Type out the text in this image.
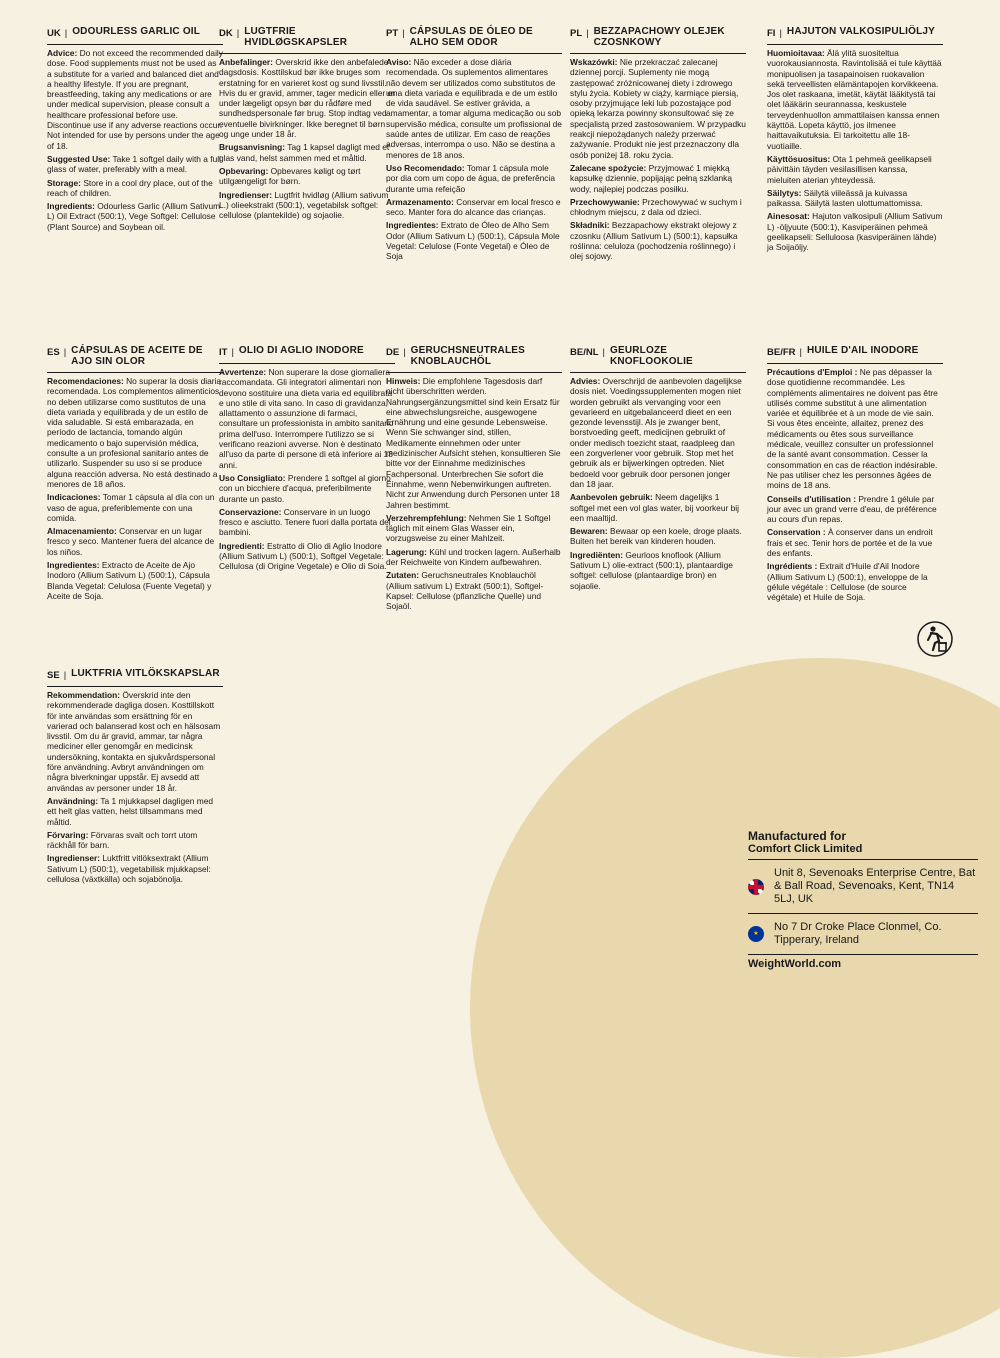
UK |	ODOURLESS GARLIC OIL
Advice: Do not exceed the recommended daily dose. Food supplements must not be used as a substitute for a varied and balanced diet and a healthy lifestyle. If you are pregnant, breastfeeding, taking any medications or are under medical supervision, please consult a healthcare professional before use. Discontinue use if any adverse reactions occur. Not intended for use by persons under the age of 18.
Suggested Use: Take 1 softgel daily with a full glass of water, preferably with a meal.
Storage: Store in a cool dry place, out of the reach of children.
Ingredients: Odourless Garlic (Allium Sativum L) Oil Extract (500:1), Vege Softgel: Cellulose (Plant Source) and Soybean oil.
DK |	LUGTFRIE HVIDLØGSKAPSLER
Anbefalinger: Overskrid ikke den anbefalede dagsdosis. Kosttilskud bør ikke bruges som erstatning for en varieret kost og sund livsstil. Hvis du er gravid, ammer, tager medicin eller er under lægeligt opsyn bør du rådføre med sundhedspersonale før brug. Stop indtag ved eventuelle bivirkninger. Ikke beregnet til børn og unge under 18 år.
Brugsanvisning: Tag 1 kapsel dagligt med et glas vand, helst sammen med et måltid.
Opbevaring: Opbevares køligt og tørt utilgængeligt for børn.
Ingredienser: Lugtfrit hvidløg (Allium sativum L.) olieekstrakt (500:1), vegetabilsk softgel: cellulose (plantekilde) og sojaolie.
PT |	CÁPSULAS DE ÓLEO DE ALHO SEM ODOR
Aviso: Não exceder a dose diária recomendada. Os suplementos alimentares não devem ser utilizados como substitutos de uma dieta variada e equilibrada e de um estilo de vida saudável. Se estiver grávida, a amamentar, a tomar alguma medicação ou sob supervisão médica, consulte um profissional de saúde antes de utilizar. Em caso de reações adversas, interrompa o uso. Não se destina a menores de 18 anos.
Uso Recomendado: Tomar 1 cápsula mole por dia com um copo de água, de preferência durante uma refeição
Armazenamento: Conservar em local fresco e seco. Manter fora do alcance das crianças.
Ingredientes: Extrato de Óleo de Alho Sem Odor (Allium Sativum L) (500:1), Cápsula Mole Vegetal: Celulose (Fonte Vegetal) e Óleo de Soja
PL |	BEZZAPACHOWY OLEJEK CZOSNKOWY
Wskazówki: Nie przekraczać zalecanej dziennej porcji. Suplementy nie mogą zastępować zróżnicowanej diety i zdrowego stylu życia. Kobiety w ciąży, karmiące piersią, osoby przyjmujące leki lub pozostające pod opieką lekarza powinny skonsultować się ze specjalistą przed zastosowaniem. W przypadku reakcji niepożądanych należy przerwać zażywanie. Produkt nie jest przeznaczony dla osób poniżej 18. roku życia.
Zalecane spożycie: Przyjmować 1 miękką kapsułkę dziennie, popijając pełną szklanką wody, najlepiej podczas posiłku.
Przechowywanie: Przechowywać w suchym i chłodnym miejscu, z dala od dzieci.
Składniki: Bezzapachowy ekstrakt olejowy z czosnku (Allium Sativum L) (500:1), kapsułka roślinna: celuloza (pochodzenia roślinnego) i olej sojowy.
FI |	HAJUTON VALKOSIPULIÖLJY
Huomioitavaa: Älä ylitä suositeltua vuorokausiannosta. Ravintolisää ei tule käyttää monipuolisen ja tasapainoisen ruokavalion sekä terveellisten elämäntapojen korvikkeena. Jos olet raskaana, imetät, käytät lääkitystä tai olet lääkärin seurannassa, keskustele terveydenhuollon ammattilaisen kanssa ennen käyttöä. Lopeta käyttö, jos ilmenee haittavaikutuksia. Ei tarkoitettu alle 18-vuotiaille.
Käyttösuositus: Ota 1 pehmeä geelikapseli päivittäin täyden vesilasillisen kanssa, mieluiten aterian yhteydessä.
Säilytys: Säilytä viileässä ja kuivassa paikassa. Säilytä lasten ulottumattomissa.
Ainesosat: Hajuton valkosipuli (Allium Sativum L) -öljyuute (500:1), Kasviperäinen pehmeä geelikapseli: Selluloosa (kasviperäinen lähde) ja Soijaöljy.
ES |	CÁPSULAS DE ACEITE DE AJO SIN OLOR
Recomendaciones: No superar la dosis diaria recomendada. Los complementos alimenticios no deben utilizarse como sustitutos de una dieta variada y equilibrada y de un estilo de vida saludable. Si está embarazada, en período de lactancia, tomando algún medicamento o bajo supervisión médica, consulte a un profesional sanitario antes de utilizarlo. Suspender su uso si se produce alguna reacción adversa. No está destinado a menores de 18 años.
Indicaciones: Tomar 1 cápsula al día con un vaso de agua, preferiblemente con una comida.
Almacenamiento: Conservar en un lugar fresco y seco. Mantener fuera del alcance de los niños.
Ingredientes: Extracto de Aceite de Ajo Inodoro (Allium Sativum L) (500:1), Cápsula Blanda Vegetal: Celulosa (Fuente Vegetal) y Aceite de Soja.
IT |	OLIO DI AGLIO INODORE
Avvertenze: Non superare la dose giornaliera raccomandata. Gli integratori alimentari non devono sostituire una dieta varia ed equilibrata e uno stile di vita sano. In caso di gravidanza, allattamento o assunzione di farmaci, consultare un professionista in ambito sanitario prima dell'uso. Interrompere l'utilizzo se si verificano reazioni avverse. Non è destinato all'uso da parte di persone di età inferiore ai 18 anni.
Uso Consigliato: Prendere 1 softgel al giorno con un bicchiere d'acqua, preferibilmente durante un pasto.
Conservazione: Conservare in un luogo fresco e asciutto. Tenere fuori dalla portata dei bambini.
Ingredienti: Estratto di Olio di Aglio Inodore (Allium Sativum L) (500:1), Softgel Vegetale: Cellulosa (di Origine Vegetale) e Olio di Soia.
DE |	GERUCHSNEUTRALES KNOBLAUCHÖL
Hinweis: Die empfohlene Tagesdosis darf nicht überschritten werden. Nahrungsergänzungsmittel sind kein Ersatz für eine abwechslungsreiche, ausgewogene Ernährung und eine gesunde Lebensweise. Wenn Sie schwanger sind, stillen, Medikamente einnehmen oder unter medizinischer Aufsicht stehen, konsultieren Sie bitte vor der Einnahme medizinisches Fachpersonal. Unterbrechen Sie sofort die Einnahme, wenn Nebenwirkungen auftreten. Nicht zur Anwendung durch Personen unter 18 Jahren bestimmt.
Verzehrempfehlung: Nehmen Sie 1 Softgel täglich mit einem Glas Wasser ein, vorzugsweise zu einer Mahlzeit.
Lagerung: Kühl und trocken lagern. Außerhalb der Reichweite von Kindern aufbewahren.
Zutaten: Geruchsneutrales Knoblauchöl (Allium sativum L) Extrakt (500:1), Softgel-Kapsel: Cellulose (pflanzliche Quelle) und Sojaöl.
BE/NL |	GEURLOZE KNOFLOOKOLIE
Advies: Overschrijd de aanbevolen dagelijkse dosis niet. Voedingssupplementen mogen niet worden gebruikt als vervanging voor een gevarieerd en uitgebalanceerd dieet en een gezonde levensstijl. Als je zwanger bent, borstvoeding geeft, medicijnen gebruikt of onder medisch toezicht staat, raadpleeg dan een zorgverlener voor gebruik. Stop met het gebruik als er bijwerkingen optreden. Niet bedoeld voor gebruik door personen jonger dan 18 jaar.
Aanbevolen gebruik: Neem dagelijks 1 softgel met een vol glas water, bij voorkeur bij een maaltijd.
Bewaren: Bewaar op een koele, droge plaats. Buiten het bereik van kinderen houden.
Ingrediënten: Geurloos knoflook (Allium Sativum L) olie-extract (500:1), plantaardige softgel: cellulose (plantaardige bron) en sojaolie.
BE/FR |	HUILE D'AIL INODORE
Précautions d'Emploi : Ne pas dépasser la dose quotidienne recommandée. Les compléments alimentaires ne doivent pas être utilisés comme substitut à une alimentation variée et équilibrée et à un mode de vie sain. Si vous êtes enceinte, allaitez, prenez des médicaments ou êtes sous surveillance médicale, veuillez consulter un professionnel de la santé avant consommation. Cesser la consommation en cas de réaction indésirable. Ne pas utiliser chez les personnes âgées de moins de 18 ans.
Conseils d'utilisation : Prendre 1 gélule par jour avec un grand verre d'eau, de préférence au cours d'un repas.
Conservation : À conserver dans un endroit frais et sec. Tenir hors de portée et de la vue des enfants.
Ingrédients : Extrait d'Huile d'Ail Inodore (Allium Sativum L) (500:1), enveloppe de la gélule végétale : Cellulose (de source végétale) et Huile de Soja.
SE |	LUKTFRIA VITLÖKSKAPSLAR
Rekommendation: Överskrid inte den rekommenderade dagliga dosen. Kosttillskott för inte användas som ersättning för en varierad och balanserad kost och en hälsosam livsstil. Om du är gravid, ammar, tar några mediciner eller genomgår en medicinsk undersökning, kontakta en sjukvårdspersonal före användning. Avbryt användningen om några biverkningar uppstår. Ej avsedd att användas av personer under 18 år.
Användning: Ta 1 mjukkapsel dagligen med ett helt glas vatten, helst tillsammans med måltid.
Förvaring: Förvaras svalt och torrt utom räckhåll för barn.
Ingredienser: Luktfritt vitlöksextrakt (Allium Sativum L) (500:1), vegetabilisk mjukkapsel: cellulosa (växtkälla) och sojabönolja.
Manufactured for
Comfort Click Limited
Unit 8, Sevenoaks Enterprise Centre, Bat & Ball Road, Sevenoaks, Kent, TN14 5LJ, UK
★
No 7 Dr Croke Place Clonmel, Co. Tipperary, Ireland
WeightWorld.com
